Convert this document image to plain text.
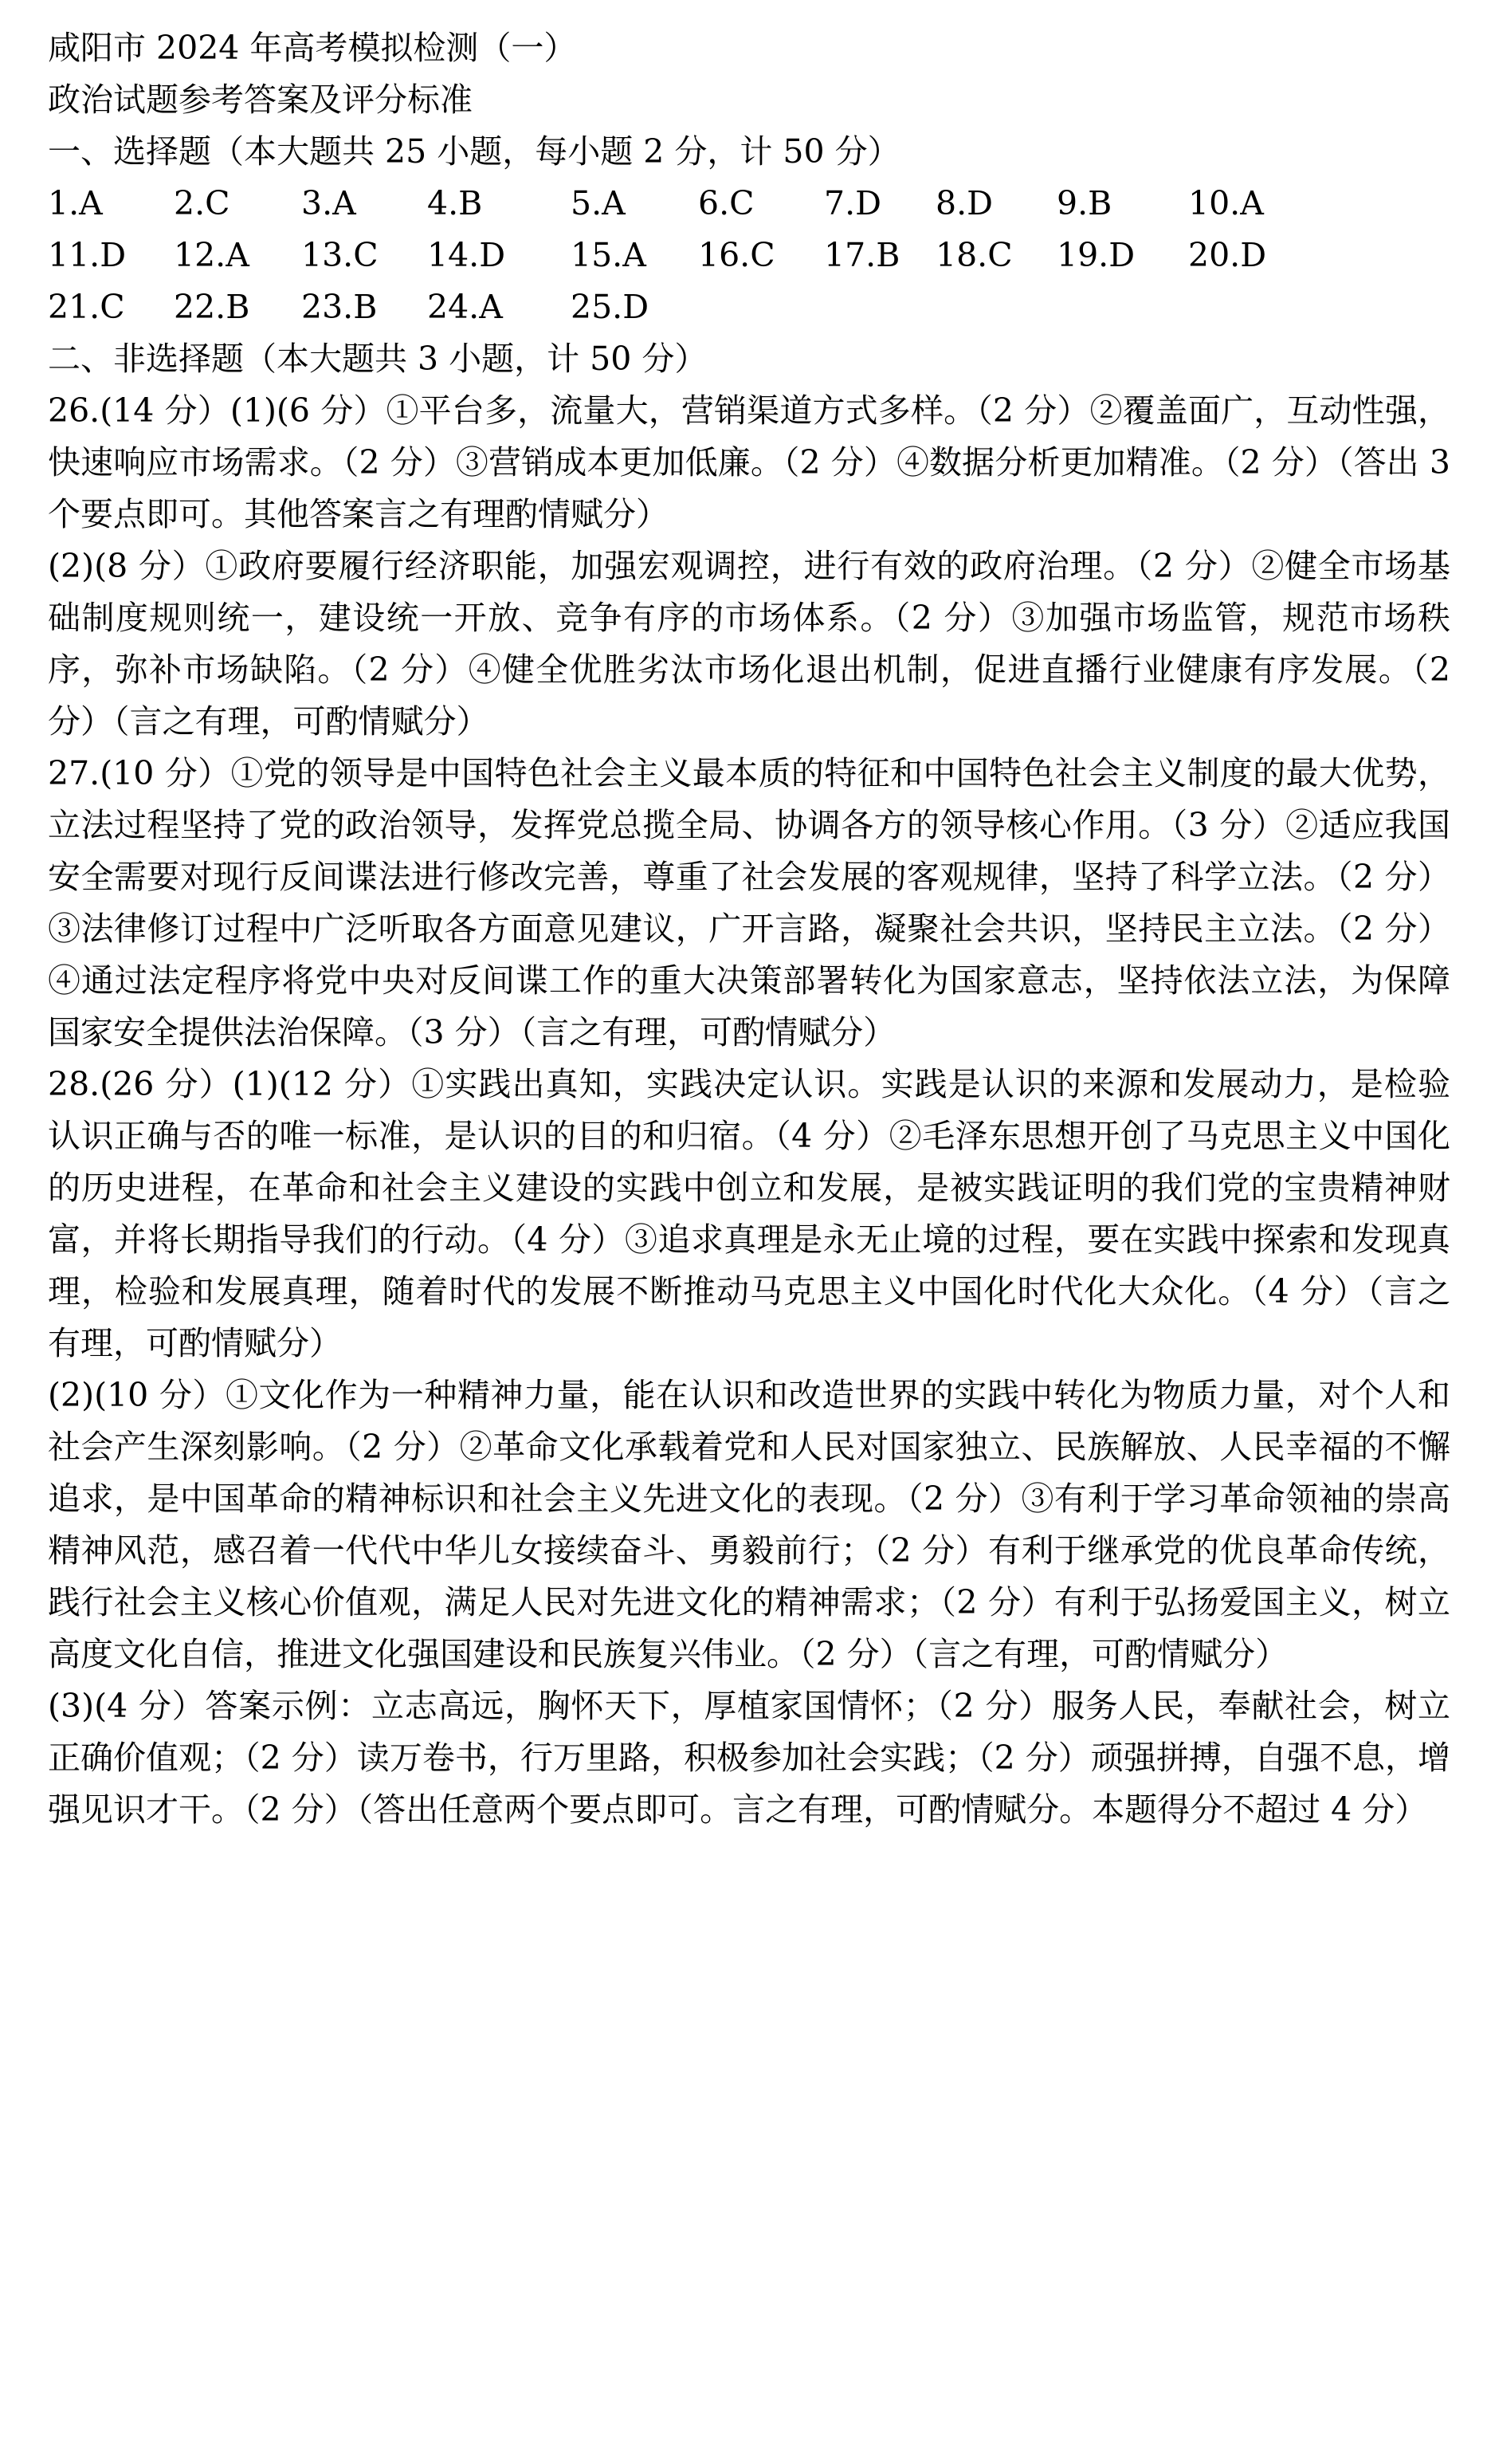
咸阳市 2024 年高考模拟检测（一）
政治试题参考答案及评分标准
一、选择题（本大题共 25 小题，每小题 2 分，计 50 分）
1.A	2.C	3.A	4.B	5.A	6.C	7.D	8.D	9.B	10.A
11.D	12.A	13.C	14.D	15.A	16.C	17.B	18.C	19.D	20.D
21.C	22.B	23.B	24.A	25.D
二、非选择题（本大题共 3 小题，计 50 分）

26.(14 分）(1)(6 分）①平台多，流量大，营销渠道方式多样。（2 分）②覆盖面广，互动性强，快速响应市场需求。（2 分）③营销成本更加低廉。（2 分）④数据分析更加精准。（2 分）（答出 3 个要点即可。其他答案言之有理酌情赋分）

(2)(8 分）①政府要履行经济职能，加强宏观调控，进行有效的政府治理。（2 分）②健全市场基础制度规则统一，建设统一开放、竞争有序的市场体系。（2 分）③加强市场监管，规范市场秩序，弥补市场缺陷。（2 分）④健全优胜劣汰市场化退出机制，促进直播行业健康有序发展。（2 分）（言之有理，可酌情赋分）

27.(10 分）①党的领导是中国特色社会主义最本质的特征和中国特色社会主义制度的最大优势，立法过程坚持了党的政治领导，发挥党总揽全局、协调各方的领导核心作用。（3 分）②适应我国安全需要对现行反间谍法进行修改完善，尊重了社会发展的客观规律，坚持了科学立法。（2 分）③法律修订过程中广泛听取各方面意见建议，广开言路，凝聚社会共识，坚持民主立法。（2 分）④通过法定程序将党中央对反间谍工作的重大决策部署转化为国家意志，坚持依法立法，为保障国家安全提供法治保障。（3 分）（言之有理，可酌情赋分）

28.(26 分）(1)(12 分）①实践出真知，实践决定认识。实践是认识的来源和发展动力，是检验认识正确与否的唯一标准，是认识的目的和归宿。（4 分）②毛泽东思想开创了马克思主义中国化的历史进程，在革命和社会主义建设的实践中创立和发展，是被实践证明的我们党的宝贵精神财富，并将长期指导我们的行动。（4 分）③追求真理是永无止境的过程，要在实践中探索和发现真理，检验和发展真理，随着时代的发展不断推动马克思主义中国化时代化大众化。（4 分）（言之有理，可酌情赋分）

(2)(10 分）①文化作为一种精神力量，能在认识和改造世界的实践中转化为物质力量，对个人和社会产生深刻影响。（2 分）②革命文化承载着党和人民对国家独立、民族解放、人民幸福的不懈追求，是中国革命的精神标识和社会主义先进文化的表现。（2 分）③有利于学习革命领袖的崇高精神风范，感召着一代代中华儿女接续奋斗、勇毅前行；（2 分）有利于继承党的优良革命传统，践行社会主义核心价值观，满足人民对先进文化的精神需求；（2 分）有利于弘扬爱国主义，树立高度文化自信，推进文化强国建设和民族复兴伟业。（2 分）（言之有理，可酌情赋分）

(3)(4 分）答案示例：立志高远，胸怀天下，厚植家国情怀；（2 分）服务人民，奉献社会，树立正确价值观；（2 分）读万卷书，行万里路，积极参加社会实践；（2 分）顽强拼搏，自强不息，增强见识才干。（2 分）（答出任意两个要点即可。言之有理，可酌情赋分。本题得分不超过 4 分）
